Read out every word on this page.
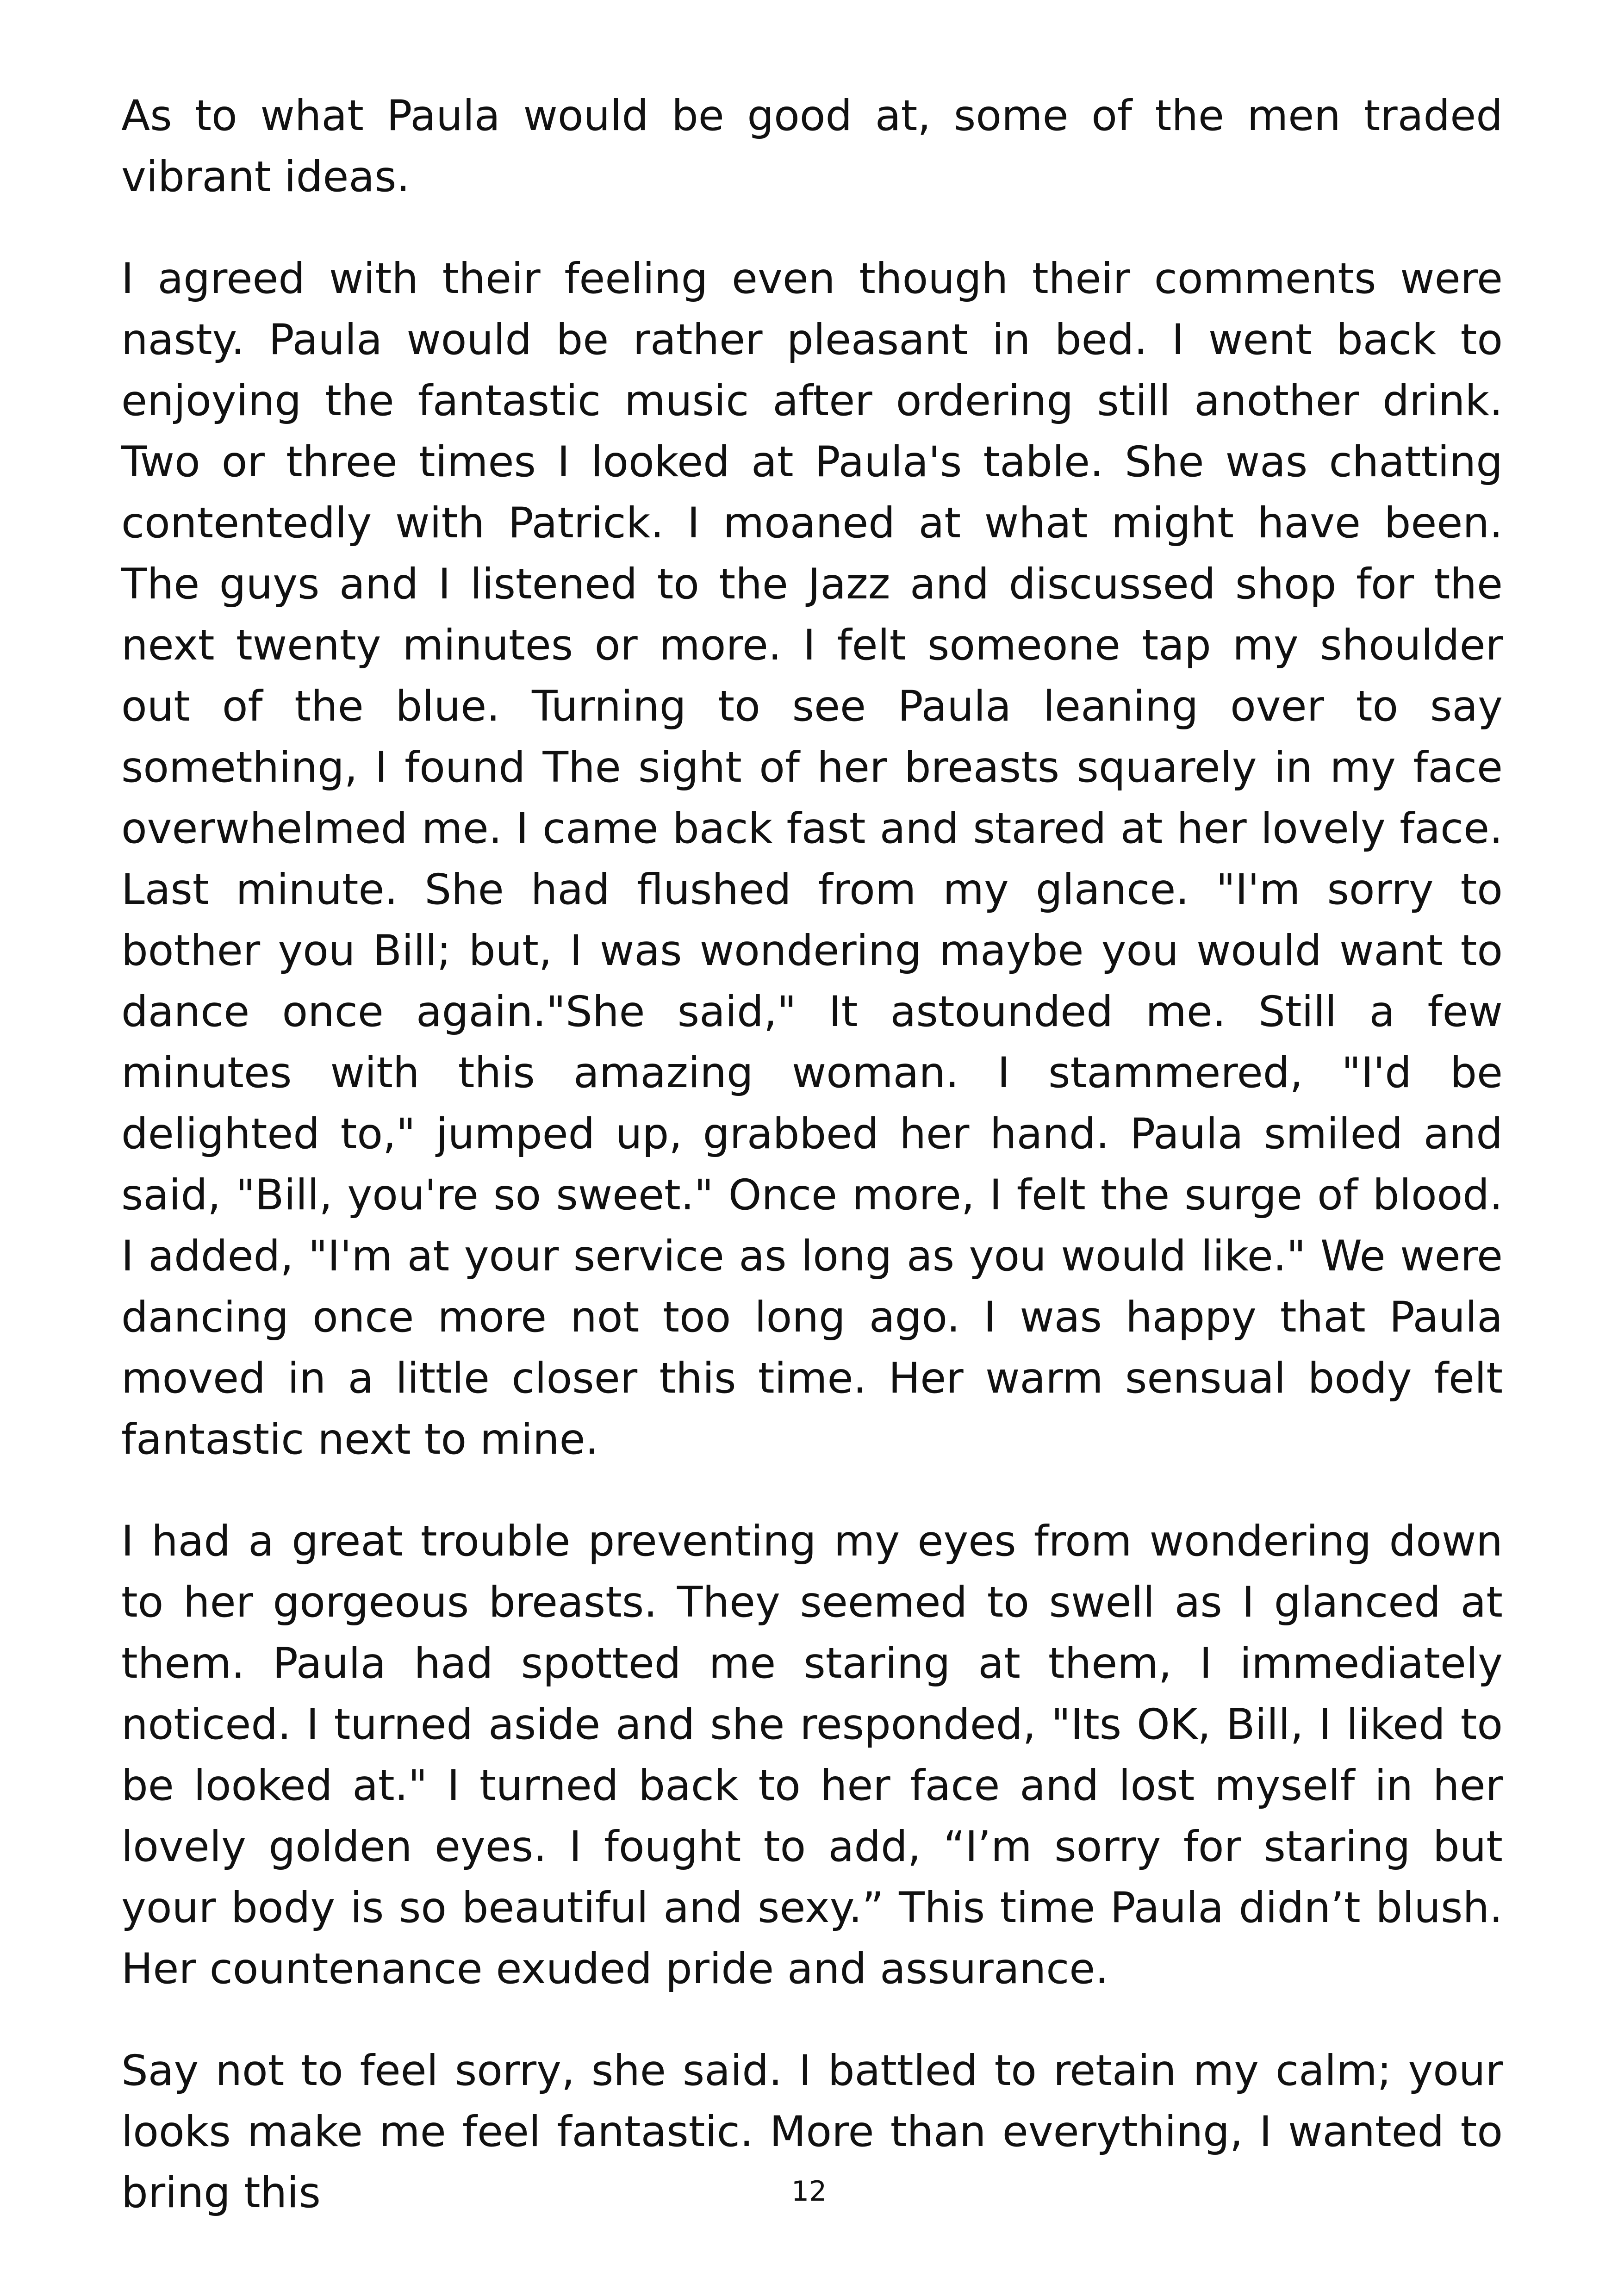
As to what Paula would be good at, some of the men traded vibrant ideas.

I agreed with their feeling even though their comments were nasty. Paula would be rather pleasant in bed. I went back to enjoying the fantastic music after ordering still another drink. Two or three times I looked at Paula's table. She was chatting contentedly with Patrick. I moaned at what might have been. The guys and I listened to the Jazz and discussed shop for the next twenty minutes or more. I felt someone tap my shoulder out of the blue. Turning to see Paula leaning over to say something, I found The sight of her breasts squarely in my face overwhelmed me. I came back fast and stared at her lovely face. Last minute. She had flushed from my glance. "I'm sorry to bother you Bill; but, I was wondering maybe you would want to dance once again."She said," It astounded me. Still a few minutes with this amazing woman. I stammered, "I'd be delighted to," jumped up, grabbed her hand. Paula smiled and said, "Bill, you're so sweet." Once more, I felt the surge of blood. I added, "I'm at your service as long as you would like." We were dancing once more not too long ago. I was happy that Paula moved in a little closer this time. Her warm sensual body felt fantastic next to mine.

I had a great trouble preventing my eyes from wondering down to her gorgeous breasts. They seemed to swell as I glanced at them. Paula had spotted me staring at them, I immediately noticed. I turned aside and she responded, "Its OK, Bill, I liked to be looked at." I turned back to her face and lost myself in her lovely golden eyes. I fought to add, “I’m sorry for staring but your body is so beautiful and sexy.” This time Paula didn’t blush. Her countenance exuded pride and assurance.

Say not to feel sorry, she said. I battled to retain my calm; your looks make me feel fantastic. More than everything, I wanted to bring this	12
